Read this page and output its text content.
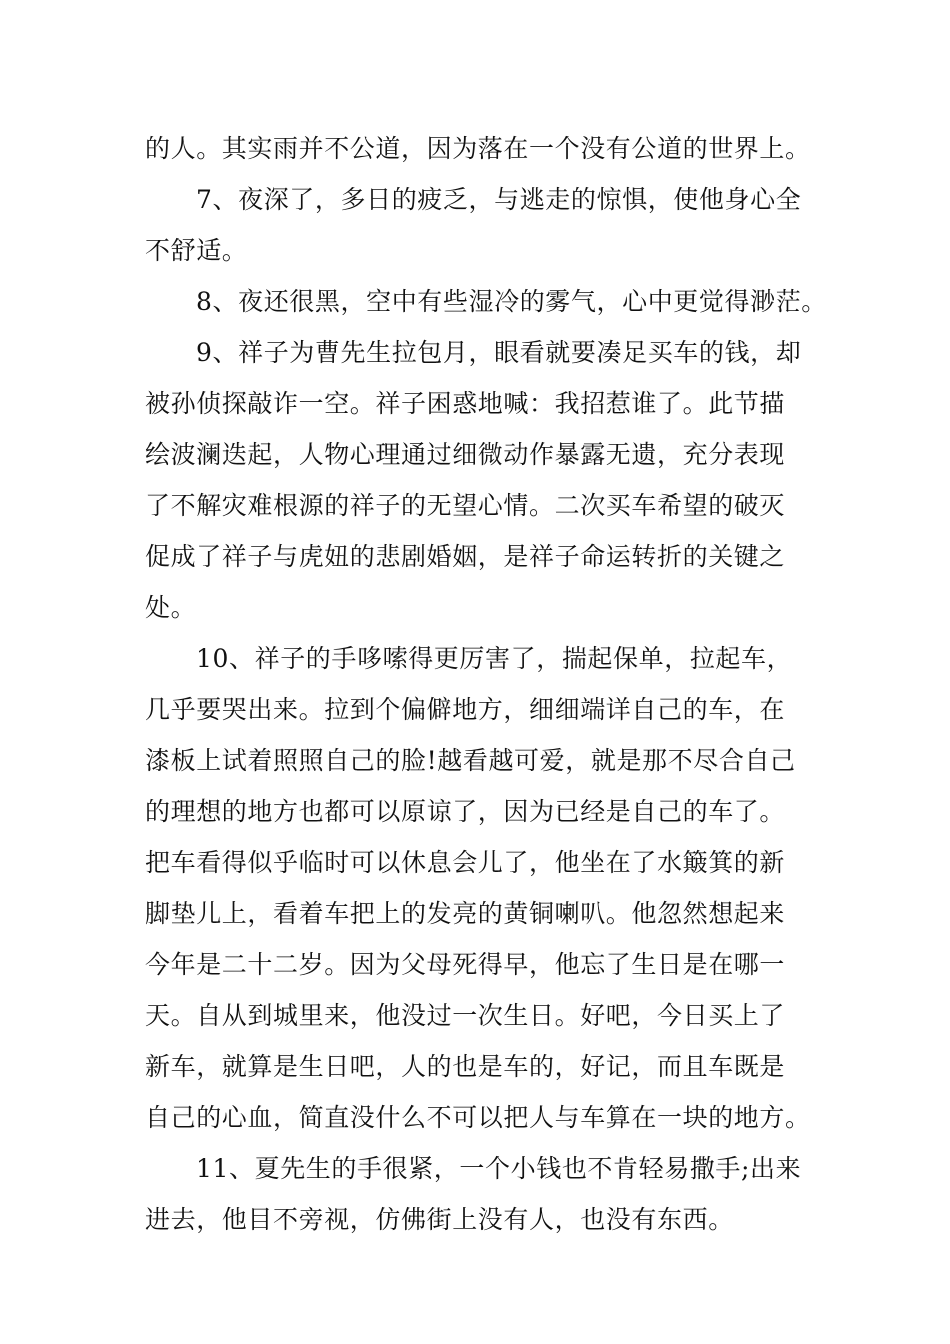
的人。其实雨并不公道，因为落在一个没有公道的世界上。
7、夜深了，多日的疲乏，与逃走的惊惧，使他身心全
不舒适。
8、夜还很黑，空中有些湿冷的雾气，心中更觉得渺茫。
9、祥子为曹先生拉包月，眼看就要凑足买车的钱，却
被孙侦探敲诈一空。祥子困惑地喊：我招惹谁了。此节描
绘波澜迭起，人物心理通过细微动作暴露无遗，充分表现
了不解灾难根源的祥子的无望心情。二次买车希望的破灭
促成了祥子与虎妞的悲剧婚姻，是祥子命运转折的关键之
处。
10、祥子的手哆嗦得更厉害了，揣起保单，拉起车，
几乎要哭出来。拉到个偏僻地方，细细端详自己的车，在
漆板上试着照照自己的脸!越看越可爱，就是那不尽合自己
的理想的地方也都可以原谅了，因为已经是自己的车了。
把车看得似乎临时可以休息会儿了，他坐在了水簸箕的新
脚垫儿上，看着车把上的发亮的黄铜喇叭。他忽然想起来
今年是二十二岁。因为父母死得早，他忘了生日是在哪一
天。自从到城里来，他没过一次生日。好吧，今日买上了
新车，就算是生日吧，人的也是车的，好记，而且车既是
自己的心血，简直没什么不可以把人与车算在一块的地方。
11、夏先生的手很紧，一个小钱也不肯轻易撒手;出来
进去，他目不旁视，仿佛街上没有人，也没有东西。
